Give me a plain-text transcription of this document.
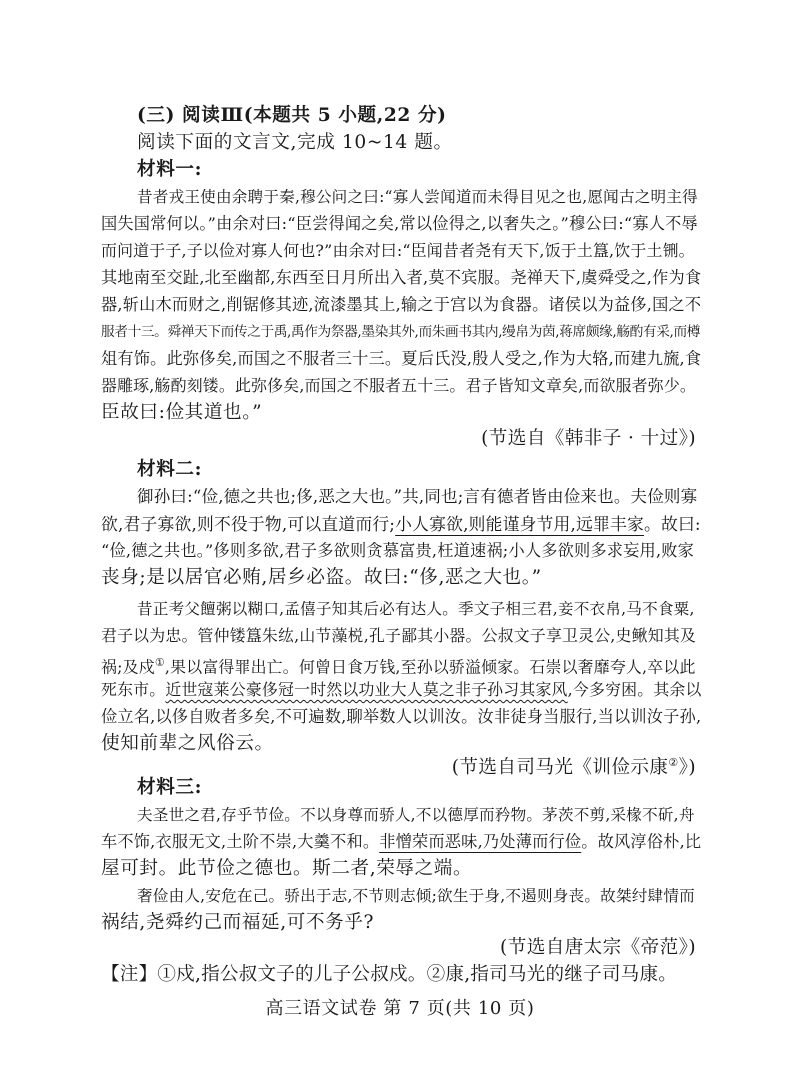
(三) 阅读Ⅲ(本题共 5 小题,22 分)
阅读下面的文言文,完成 10~14 题。
材料一:
昔者戎王使由余聘于秦,穆公问之曰:“寡人尝闻道而未得目见之也,愿闻古之明主得
国失国常何以。”由余对曰:“臣尝得闻之矣,常以俭得之,以奢失之。”穆公曰:“寡人不辱
而问道于子,子以俭对寡人何也?”由余对曰:“臣闻昔者尧有天下,饭于土簋,饮于土铏。
其地南至交趾,北至幽都,东西至日月所出入者,莫不宾服。尧禅天下,虞舜受之,作为食
器,斩山木而财之,削锯修其迹,流漆墨其上,输之于宫以为食器。诸侯以为益侈,国之不
服者十三。舜禅天下而传之于禹,禹作为祭器,墨染其外,而朱画书其内,缦帛为茵,蒋席颇缘,觞酌有采,而樽
俎有饰。此弥侈矣,而国之不服者三十三。夏后氏没,殷人受之,作为大辂,而建九旒,食
器雕琢,觞酌刻镂。此弥侈矣,而国之不服者五十三。君子皆知文章矣,而欲服者弥少。
臣故曰:俭其道也。”
(节选自《韩非子 · 十过》)
材料二:
御孙曰:“俭,德之共也;侈,恶之大也。”共,同也;言有德者皆由俭来也。夫俭则寡
欲,君子寡欲,则不役于物,可以直道而行;小人寡欲,则能谨身节用,远罪丰家。故曰:
“俭,德之共也。”侈则多欲,君子多欲则贪慕富贵,枉道速祸;小人多欲则多求妄用,败家
丧身;是以居官必贿,居乡必盗。故曰:“侈,恶之大也。”
昔正考父饘粥以糊口,孟僖子知其后必有达人。季文子相三君,妾不衣帛,马不食粟,
君子以为忠。管仲镂簋朱纮,山节藻棁,孔子鄙其小器。公叔文子享卫灵公,史鳅知其及
祸;及戍①,果以富得罪出亡。何曾日食万钱,至孙以骄溢倾家。石崇以奢靡夸人,卒以此
死东市。近世寇莱公豪侈冠一时然以功业大人莫之非子孙习其家风,今多穷困。其余以
俭立名,以侈自败者多矣,不可遍数,聊举数人以训汝。汝非徒身当服行,当以训汝子孙,
使知前辈之风俗云。
(节选自司马光《训俭示康②》)
材料三:
夫圣世之君,存乎节俭。不以身尊而骄人,不以德厚而矜物。茅茨不剪,采椽不斫,舟
车不饰,衣服无文,土阶不崇,大羹不和。非憎荣而恶味,乃处薄而行俭。故风淳俗朴,比
屋可封。此节俭之德也。斯二者,荣辱之端。
奢俭由人,安危在己。骄出于志,不节则志倾;欲生于身,不遏则身丧。故桀纣肆情而
祸结,尧舜约己而福延,可不务乎?
(节选自唐太宗《帝范》)
【注】①戍,指公叔文子的儿子公叔戍。②康,指司马光的继子司马康。
高三语文试卷 第 7 页(共 10 页)
